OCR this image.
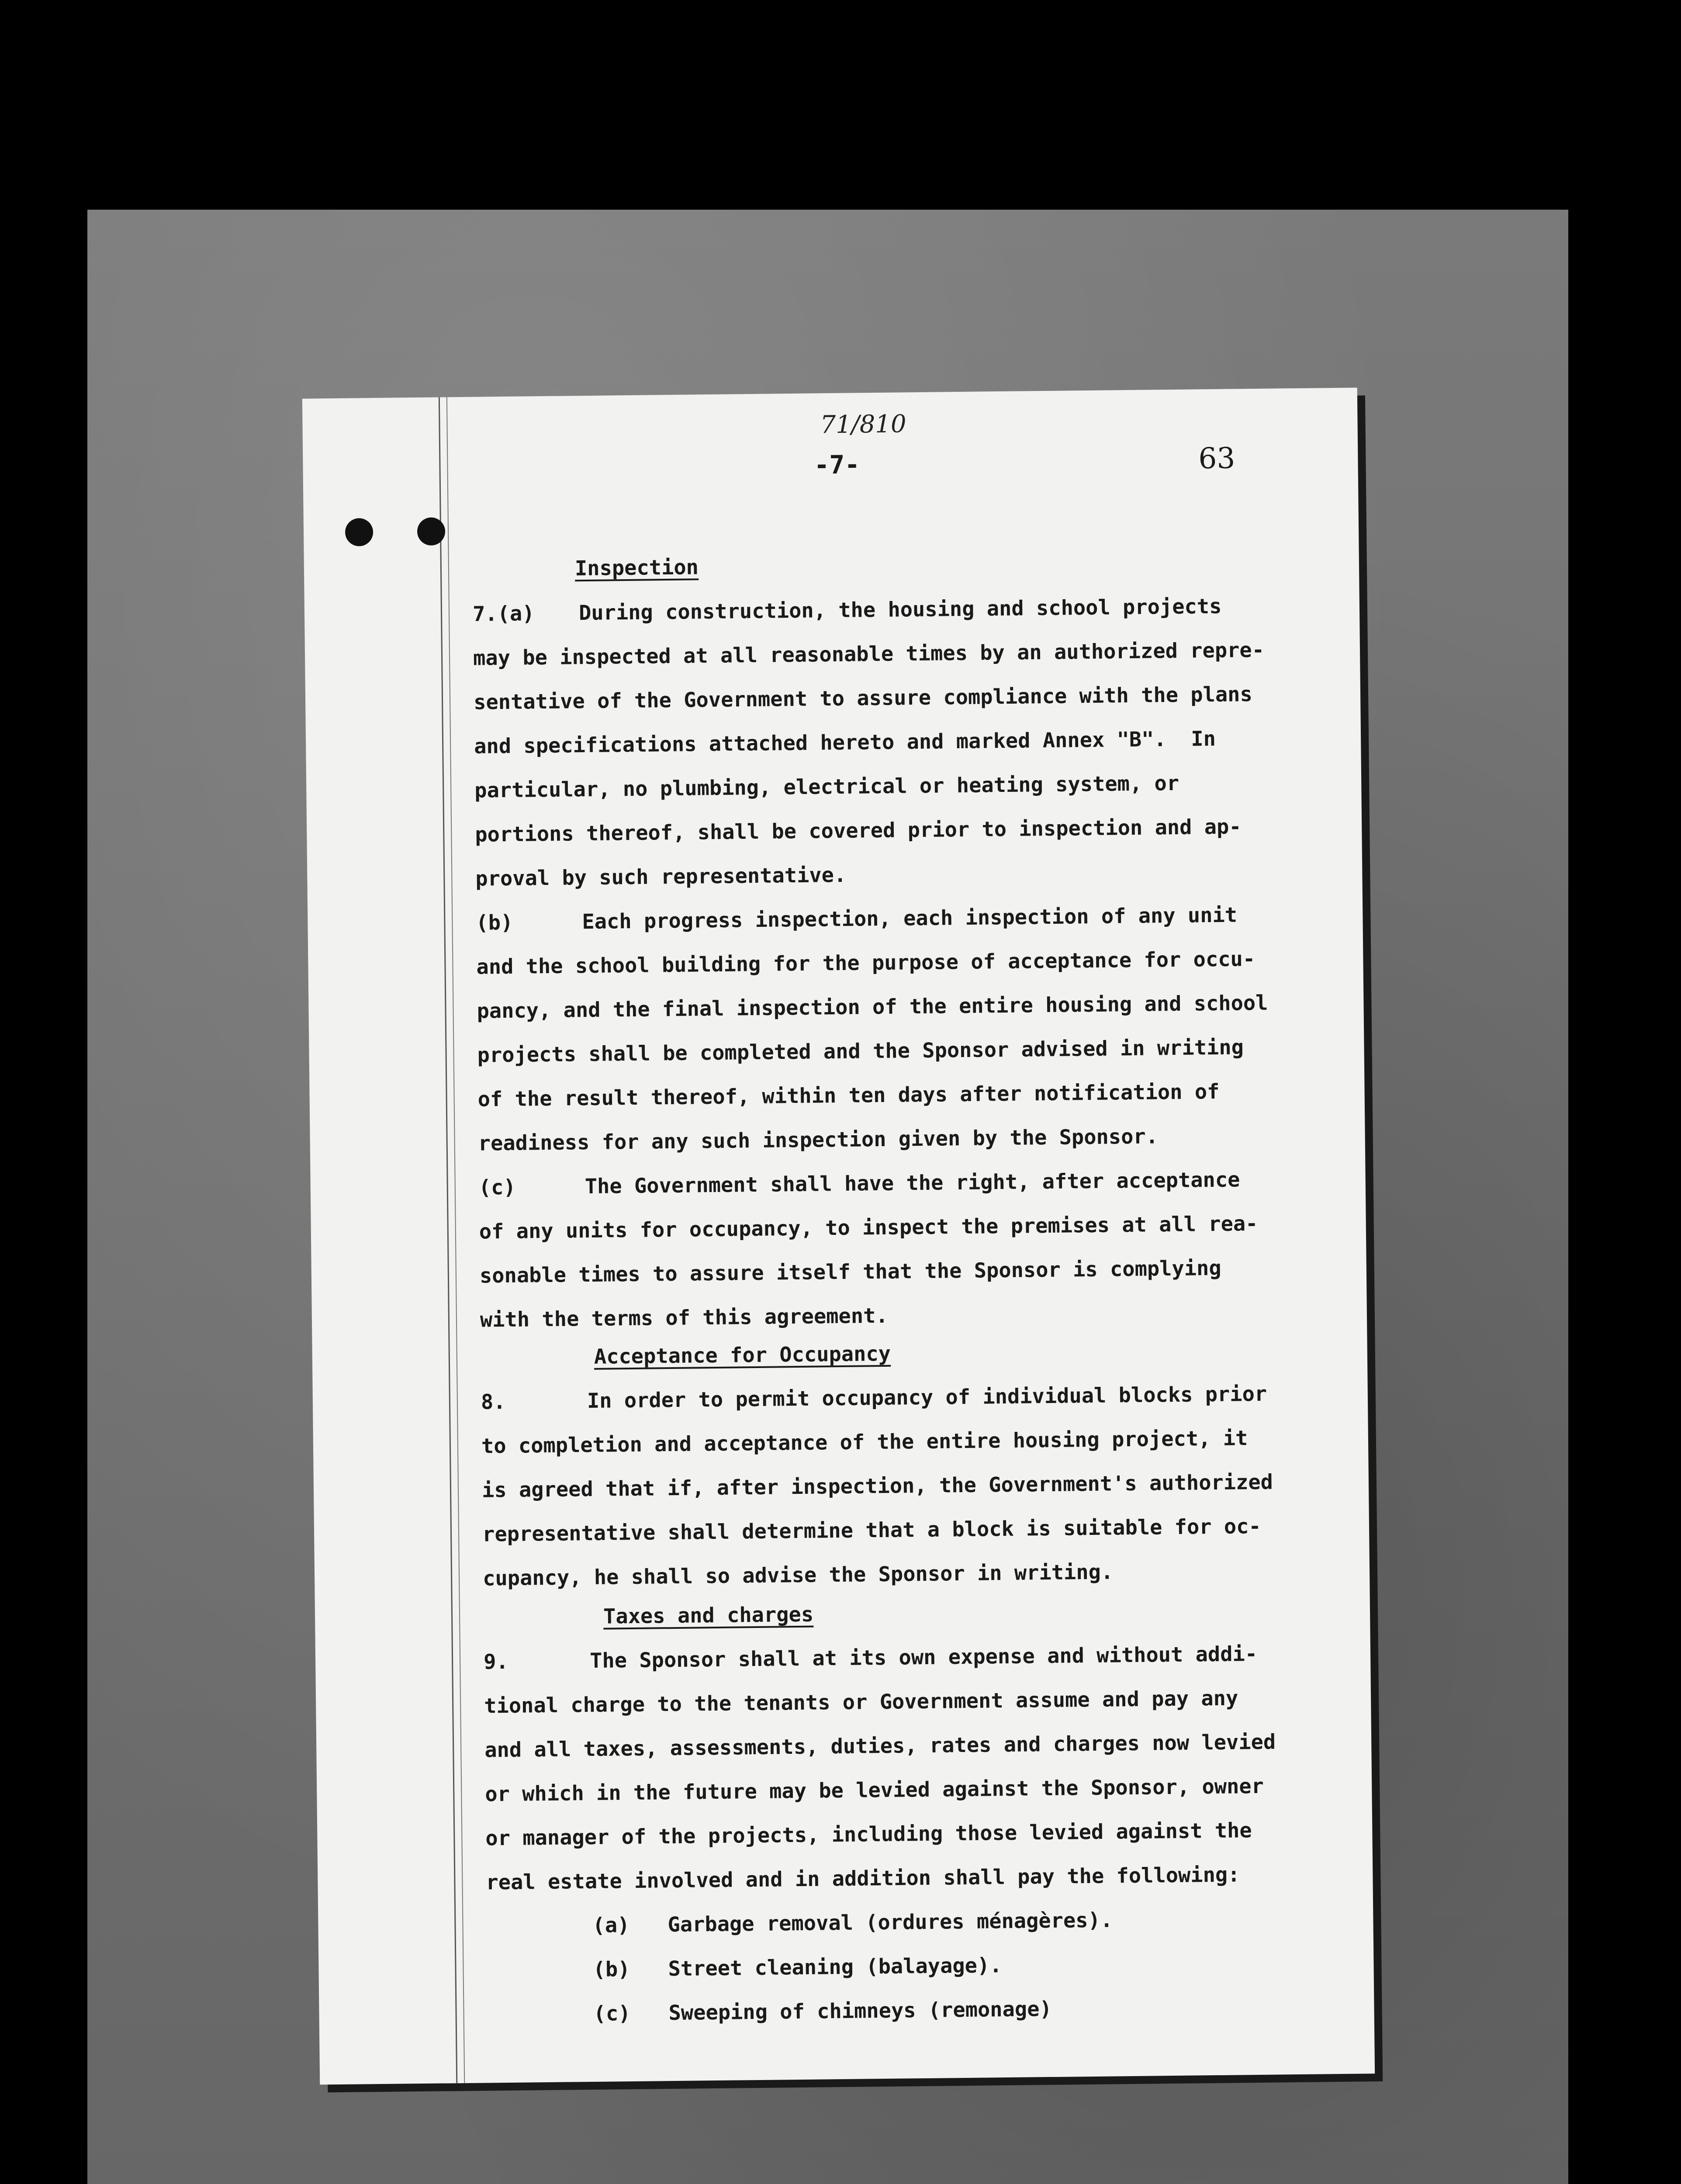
71/810
-7-	63
Inspection
7.(a) During construction, the housing and school projects
may be inspected at all reasonable times by an authorized repre-
sentative of the Government to assure compliance with the plans
and specifications attached hereto and marked Annex "B".  In
particular, no plumbing, electrical or heating system, or
portions thereof, shall be covered prior to inspection and ap-
proval by such representative.
(b)	Each progress inspection, each inspection of any unit
and the school building for the purpose of acceptance for occu-
pancy, and the final inspection of the entire housing and school
projects shall be completed and the Sponsor advised in writing
of the result thereof, within ten days after notification of
readiness for any such inspection given by the Sponsor.
(c)	The Government shall have the right, after acceptance
of any units for occupancy, to inspect the premises at all rea-
sonable times to assure itself that the Sponsor is complying
with the terms of this agreement.
Acceptance for Occupancy
8.	In order to permit occupancy of individual blocks prior
to completion and acceptance of the entire housing project, it
is agreed that if, after inspection, the Government's authorized
representative shall determine that a block is suitable for oc-
cupancy, he shall so advise the Sponsor in writing.
Taxes and charges
9.	The Sponsor shall at its own expense and without addi-
tional charge to the tenants or Government assume and pay any
and all taxes, assessments, duties, rates and charges now levied
or which in the future may be levied against the Sponsor, owner
or manager of the projects, including those levied against the
real estate involved and in addition shall pay the following:
(a) Garbage removal (ordures ménagères).
(b) Street cleaning (balayage).
(c) Sweeping of chimneys (remonage)
